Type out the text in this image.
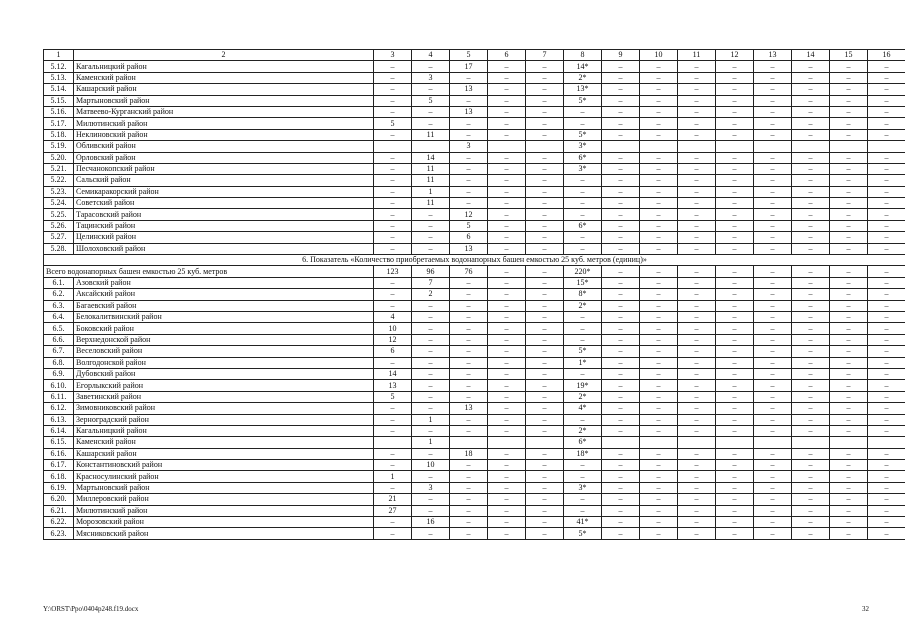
1	2	3	4	5	6	7	8	9	10	11	12	13	14	15	16
5.12.	Кагальницкий район	–	–	17	–	–	14*	–	–	–	–	–	–	–	–
5.13.	Каменский район	–	3	–	–	–	2*	–	–	–	–	–	–	–	–
5.14.	Кашарский район	–	–	13	–	–	13*	–	–	–	–	–	–	–	–
5.15.	Мартыновский район	–	5	–	–	–	5*	–	–	–	–	–	–	–	–
5.16.	Матвеево-Курганский район	–	–	13	–	–	–	–	–	–	–	–	–	–	–
5.17.	Милютинский район	5	–	–	–	–	–	–	–	–	–	–	–	–	–
5.18.	Неклиновский район	–	11	–	–	–	5*	–	–	–	–	–	–	–	–
5.19.	Обливский район			3			3*								
5.20.	Орловский район	–	14	–	–	–	6*	–	–	–	–	–	–	–	–
5.21.	Песчанокопский район	–	11	–	–	–	3*	–	–	–	–	–	–	–	–
5.22.	Сальский район	–	11	–	–	–	–	–	–	–	–	–	–	–	–
5.23.	Семикаракорский район	–	1	–	–	–	–	–	–	–	–	–	–	–	–
5.24.	Советский район	–	11	–	–	–	–	–	–	–	–	–	–	–	–
5.25.	Тарасовский район	–	–	12	–	–	–	–	–	–	–	–	–	–	–
5.26.	Тацинский район	–	–	5	–	–	6*	–	–	–	–	–	–	–	–
5.27.	Целинский район	–	–	6	–	–	–	–	–	–	–	–	–	–	–
5.28.	Шолоховский район	–	–	13	–	–	–	–	–	–	–	–	–	–	–
6. Показатель «Количество приобретаемых водонапорных башен емкостью 25 куб. метров (единиц)»															
Всего водонапорных башен емкостью 25 куб. метров		123	96	76	–	–	220*	–	–	–	–	–	–	–	–
6.1.	Азовский район	–	7	–	–	–	15*	–	–	–	–	–	–	–	–
6.2.	Аксайский район	–	2	–	–	–	8*	–	–	–	–	–	–	–	–
6.3.	Багаевский район	–	–	–	–	–	2*	–	–	–	–	–	–	–	–
6.4.	Белокалитвинский район	4	–	–	–	–	–	–	–	–	–	–	–	–	–
6.5.	Боковский район	10	–	–	–	–	–	–	–	–	–	–	–	–	–
6.6.	Верхнедонской район	12	–	–	–	–	–	–	–	–	–	–	–	–	–
6.7.	Веселовский район	6	–	–	–	–	5*	–	–	–	–	–	–	–	–
6.8.	Волгодонской район	–	–	–	–	–	1*	–	–	–	–	–	–	–	–
6.9.	Дубовский район	14	–	–	–	–	–	–	–	–	–	–	–	–	–
6.10.	Егорлыкский район	13	–	–	–	–	19*	–	–	–	–	–	–	–	–
6.11.	Заветинский район	5	–	–	–	–	2*	–	–	–	–	–	–	–	–
6.12.	Зимовниковский район	–	–	13	–	–	4*	–	–	–	–	–	–	–	–
6.13.	Зерноградский район	–	1	–	–	–	–	–	–	–	–	–	–	–	–
6.14.	Кагальницкий район	–	–	–	–	–	2*	–	–	–	–	–	–	–	–
6.15.	Каменский район		1				6*								
6.16.	Кашарский район	–	–	18	–	–	18*	–	–	–	–	–	–	–	–
6.17.	Константиновский район	–	10	–	–	–	–	–	–	–	–	–	–	–	–
6.18.	Красносулинский район	1	–	–	–	–	–	–	–	–	–	–	–	–	–
6.19.	Мартыновский район	–	3	–	–	–	3*	–	–	–	–	–	–	–	–
6.20.	Миллеровский район	21	–	–	–	–	–	–	–	–	–	–	–	–	–
6.21.	Милютинский район	27	–	–	–	–	–	–	–	–	–	–	–	–	–
6.22.	Морозовский район	–	16	–	–	–	41*	–	–	–	–	–	–	–	–
6.23.	Мясниковский район	–	–	–	–	–	5*	–	–	–	–	–	–	–	–
Y:\ORST\Ppo\0404p248.f19.docx	32
